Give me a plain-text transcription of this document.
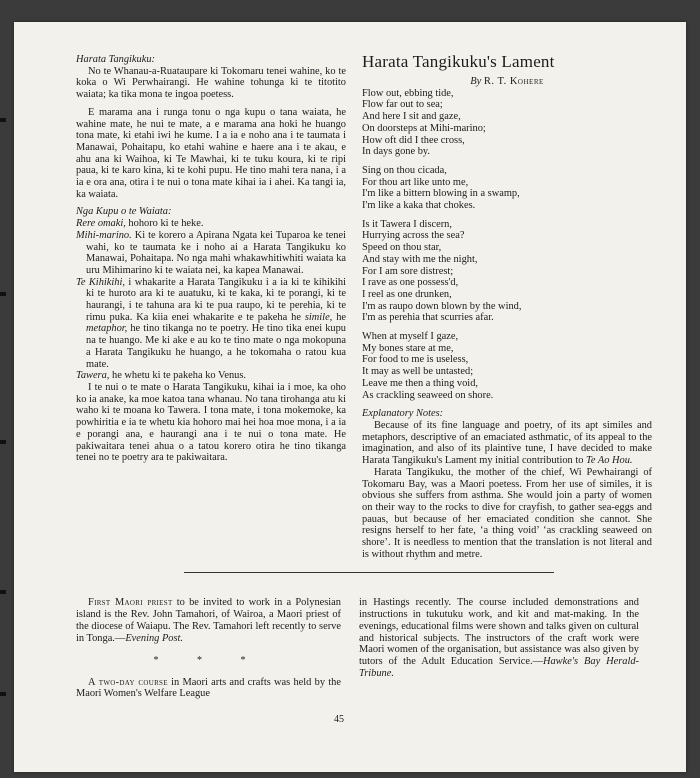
Harata Tangikuku:

No te Whanau-a-Ruataupare ki Tokomaru tenei wahine, ko te koka o Wi Perwhairangi. He wahine tohunga ki te titotito waiata; ka tika mona te ingoa poetess.

E marama ana i runga tonu o nga kupu o tana waiata, he wahine mate, he nui te mate, a e marama ana hoki he huango tona mate, ki etahi iwi he kume. I a ia e noho ana i te taumata i Manawai, Pohaitapu, ko etahi wahine e haere ana i te akau, e ahu ana ki Waihoa, ki Te Mawhai, ki te tuku koura, ki te ripi paua, ki te karo kina, ki te kohi pupu. He tino mahi tera nana, i a ia e ora ana, otira i te nui o tona mate kihai ia i ahei. Ka tangi ia, ka waiata.

Nga Kupu o te Waiata:

Rere omaki, hohoro ki te heke.

Mihi-marino. Ki te korero a Apirana Ngata kei Tuparoa ke tenei wahi, ko te taumata ke i noho ai a Harata Tangikuku ko Manawai, Pohaitapa. No nga mahi whakawhitiwhiti waiata ka uru Mihimarino ki te waiata nei, ka kapea Manawai.

Te Kihikihi, i whakarite a Harata Tangikuku i a ia ki te kihikihi ki te huroto ara ki te auatuku, ki te kaka, ki te porangi, ki te haurangi, i te tahuna ara ki te pua raupo, ki te perehia, ki te rimu puka. Ka kiia enei whakarite e te pakeha he simile, he metaphor, he tino tikanga no te poetry. He tino tika enei kupu na te huango. Me ki ake e au ko te tino mate o nga mokopuna a Harata Tangikuku he huango, a he tokomaha o ratou kua mate.

Tawera, he whetu ki te pakeha ko Venus.

I te nui o te mate o Harata Tangikuku, kihai ia i moe, ka oho ko ia anake, ka moe katoa tana whanau. No tana tirohanga atu ki waho ki te moana ko Tawera. I tona mate, i tona mokemoke, ka powhiritia e ia te whetu kia hohoro mai hei hoa moe mona, i a ia e porangi ana, e haurangi ana i te nui o tona mate. He pakiwaitara tenei ahua o a tatou korero otira he tino tikanga tenei no te poetry ara te pakiwaitara.

Harata Tangikuku's Lament

By R. T. Kohere

Flow out, ebbing tide,
Flow far out to sea;
And here I sit and gaze,
On doorsteps at Mihi-marino;
How oft did I thee cross,
In days gone by.
Sing on thou cicada,
For thou art like unto me,
I'm like a bittern blowing in a swamp,
I'm like a kaka that chokes.
Is it Tawera I discern,
Hurrying across the sea?
Speed on thou star,
And stay with me the night,
For I am sore distrest;
I rave as one possess'd,
I reel as one drunken,
I'm as raupo down blown by the wind,
I'm as perehia that scurries afar.
When at myself I gaze,
My bones stare at me,
For food to me is useless,
It may as well be untasted;
Leave me then a thing void,
As crackling seaweed on shore.

Explanatory Notes:

Because of its fine language and poetry, of its apt similes and metaphors, descriptive of an emaciated asthmatic, of its appeal to the imagination, and also of its plaintive tune, I have decided to make Harata Tangikuku's Lament my initial contribution to Te Ao Hou.

Harata Tangikuku, the mother of the chief, Wi Pewhairangi of Tokomaru Bay, was a Maori poetess. From her use of similes, it is obvious she suffers from asthma. She would join a party of women on their way to the rocks to dive for crayfish, to gather sea-eggs and pauas, but because of her emaciated condition she cannot. She resigns herself to her fate, ‘a thing void’ ‘as crackling seaweed on shore’. It is needless to mention that the translation is not literal and is without rhythm and metre.

First Maori priest to be invited to work in a Polynesian island is the Rev. John Tamahori, of Wairoa, a Maori priest of the diocese of Waiapu. The Rev. Tamahori left recently to serve in Tonga.—Evening Post.

* * *

A two-day course in Maori arts and crafts was held by the Maori Women's Welfare League

in Hastings recently. The course included demonstrations and instructions in tukutuku work, and kit and mat-making. In the evenings, educational films were shown and talks given on cultural and historical subjects. The instructors of the craft work were Maori women of the organisation, but assistance was also given by tutors of the Adult Education Service.—Hawke's Bay Herald-Tribune.

45
